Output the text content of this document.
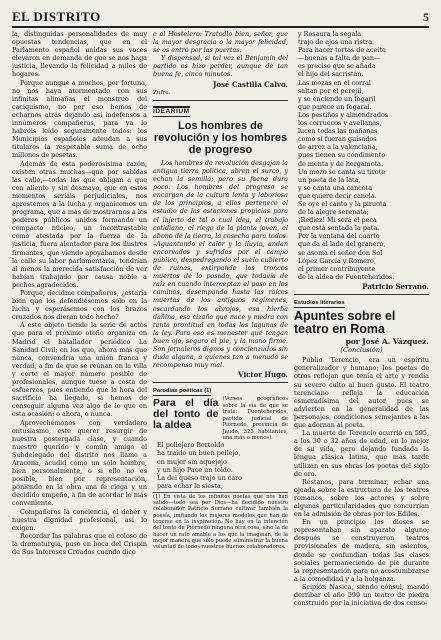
EL DISTRITO	5

la, distinguidas personalidades de muy opuestas tendencias, que en el Parlamento español unidas sus voces elevaron en demanda de que se nos haga justicia, llevando la felicidad a miles de hogares.

Porque aunque a muchos, por fortuna, no nos haya atormentado con sus infinitas alimañas el monstruo del caciquismo, no por eso hemos de echarnos atrás dejando así indefensos a innúmeros compañeros, para ya lo habréis leído seguramente todos: los Municipios españoles adeudan a sus titulares la respetable suma de ocho millones de pesetas.

Además de esta poderosísima razón, existen otras muchas—que por sabidas las callo,—todas las que obligan a que con aliento y sin desmayo, que en estos momentos seríais perjudiciales, nos aprestemos a la lucha y organicemos un programa, que a más de mostrarnos a los poderes públicos unidos formando un compacto núcleo, un incontrastable como atestada por la fuerza de la justicia, fuera alentador para los ilustres firmantes, que viendo apoyábamos desde la calle su labor parlamentaria, tendrían al menos la merecida satisfacción de ver habían trabajado por causa noble a pechos agradecidos.

Porque, decidme compañeros, ¿estaría bien que los defendiésemos sólo en la lucha y esperásemos con los brazos cruzados nos dieran todo hecho?

A este objeto tiende la serie de actos que para el próximo otoño organiza en Madrid el batallador periódico La Sanidad Civil; en los que, ahora más que nunca, convendría una unión franca y verdad, a fin de que se reúnan en la villa y corte el mayor número posible de profesionales, aunque tuese a costa de esfuerzos, pues entiendo que la hora del sacrificio ha llegado, si hemos de conseguir alguna vez algo de lo que en esta ocasión: o ahora, o nunca.

Aprovechémonos con verdadero entusiasmo, este querer resurgir de nuestra postergada clase, y cuando nuestro querido y común amigo el Subdelegado del distrito nos llame a Aracena, acudid como un sólo hombre, bien personalmente, o si ello no es posible, bien por representación, poniendo en la obra una fe ciega y un decidido empeño, a fin de acordar lo más conveniente.

Compañeros la conciencia, el deber y nuestra dignidad profesional, así lo exigen.

Recordar las palabras que el coloso de la dramaturgia, puso en boca del Crispín de Sus Intereses Creados cuando dice

e al Hostelero: Tratadlo bien, señor, que la mayor desgracia o la mayor felicidad, se os entró por las puertas.

Y dispensad, si tal vez el Benjamín del partido os hizo perder, aunque de tan buena fe, cinco minutos.

José Castilla Calvo.

Zufre.

IDEARIUM
Los hombres de revolución y los hombres de progreso

Los hombres de revolución desgajan la antigua tierra política, abren el surco, y echan la semilla; pero su faena dura poco. Los hombres del progreso se encargan de la cultura lenta y laboriosa de los principios, a ellos pertenece el estudio de las estaciones propicias para el injerto de tal o cual idea, el trabajo cotidiano, el riego de la planta joven, el abono de la tierra, la cosecha para todos. –Aguantando el calor y la lluvia, andan encorvados y sufridos por el campo público, despedregando el suelo cubierto de ruinas, extirpando los troncos muertos de lo pasado, que todavía de raíz en cuando interceptan el paso en los caminos, desempando hasta las raíces muertas de los antiguos regímenes, escardando los abrojos, esa hierba dañina, esa cizaña que nace y medra con tanta prontitud en todas las lagunas de la ley. Para eso es menester que tengan buen ojo, seguro el pie, y la mano firme. Son jornaleros dignos y concienzudos sin duda alguna, a quienes tan a menudo se recompensa muy mal.

Victor Hugo.

Parodias poéticas (1)
Para el día del tonto de la aldea
(Versos geográficos sobre la vía de que se trate: Fuenteheridos, partido judicial de Piornedo, provincia de Jaudo, 325 habitantes, una más o menos).
El pollejero Bertoldo
ha traído un buen pellejo,
en mujer sin aquejejo
y un hijo Pace un toldo.
La del queso trajo un caro
para echar la siesta,
(1) En vista de los infinitos poetas que nos han salido—todo sea por Dios—ha decidido nuestro colaborador Patricio Serrano cultivar también la poesía, imitando los mejores modelos que han de tenerse en la inspiración. No hay en la intención del tonto de Piornedo ninguna otra cosa, sino la de hacer un rato amable a los que la imaginan, de la mejor manera que sólo puede suministrar la buena voluntad de todos nuestros buenos colaboradores.
y Rosaura la segala
trajo de ajos una ristra.
Para hacer tortas de aceite
—buenas a falta de pan—
es preciso que se añada
el hijo del sacristán.
Las mozas en el corral
saltan por el perejil,
y se enciende un fogaril
que parece un fogaral.
Los pestiños y almendrados
los corruecos y avellanas,
lucen todas las mañanas
como si fueran guisados
de arroz a la valenciana,
pues tienen su condimento
de menta y de hergamota.
Un mozo se canta su tirote
un poeta de la lata,
y se canta una cancota
que quiere decir canela.
Se oye el canto y la piruota
de la alegre serenata;
¡Rediez! Mi será el peca
que está sentada la pata.
Por la ventana del cuarto
que da al lado del granero,
se asoma el señor don Sol
López García y Romero,
el primer contribuyente
de la aldea de Fuenteheridos.

Patricio Serrano.

Estudios literarios
Apuntes sobre el teatro en Roma
por José A. Vázquez.
(Conclusión)

Publio Terencio, era un espíritu generalizador y humano; los poetas de otros reflejan que tenía el arte y rendía su severo culto al buen gusto. El teatro terenciano refleja la educación esmeradísima del autor, pues se advierten en la generalidad de las personajes, condiciones semejantes a las que adornan al poeta.

La muerte de Terencio ocurrió en 595, a los 30 o 32 años de edad, en lo mejor de su vida, pero dejando fundada la lengua clásica latina, que más tarde utilizan en sus obras los poetas del siglo de oro.

Réstanos, para terminar, echar una ojeada sobre la estructura de los teatros romanos, sobre los actores y sobre algunas particularidades que concurrían en la admisión de obras por los Ediles.

En un principio los dioses se representaban sin aparato alguno; después se construyeron teatros provisionales de madera, sin asientos, donde se confundían todas las clases sociales permaneciendo de pie durante la representación para no acostumbrarse a la comodidad y a la holganza.

Scipión Nasica, siendo cónsul, mandó derribar el año 599 un teatro de piedra construido por la iniciativa de dos censo-
